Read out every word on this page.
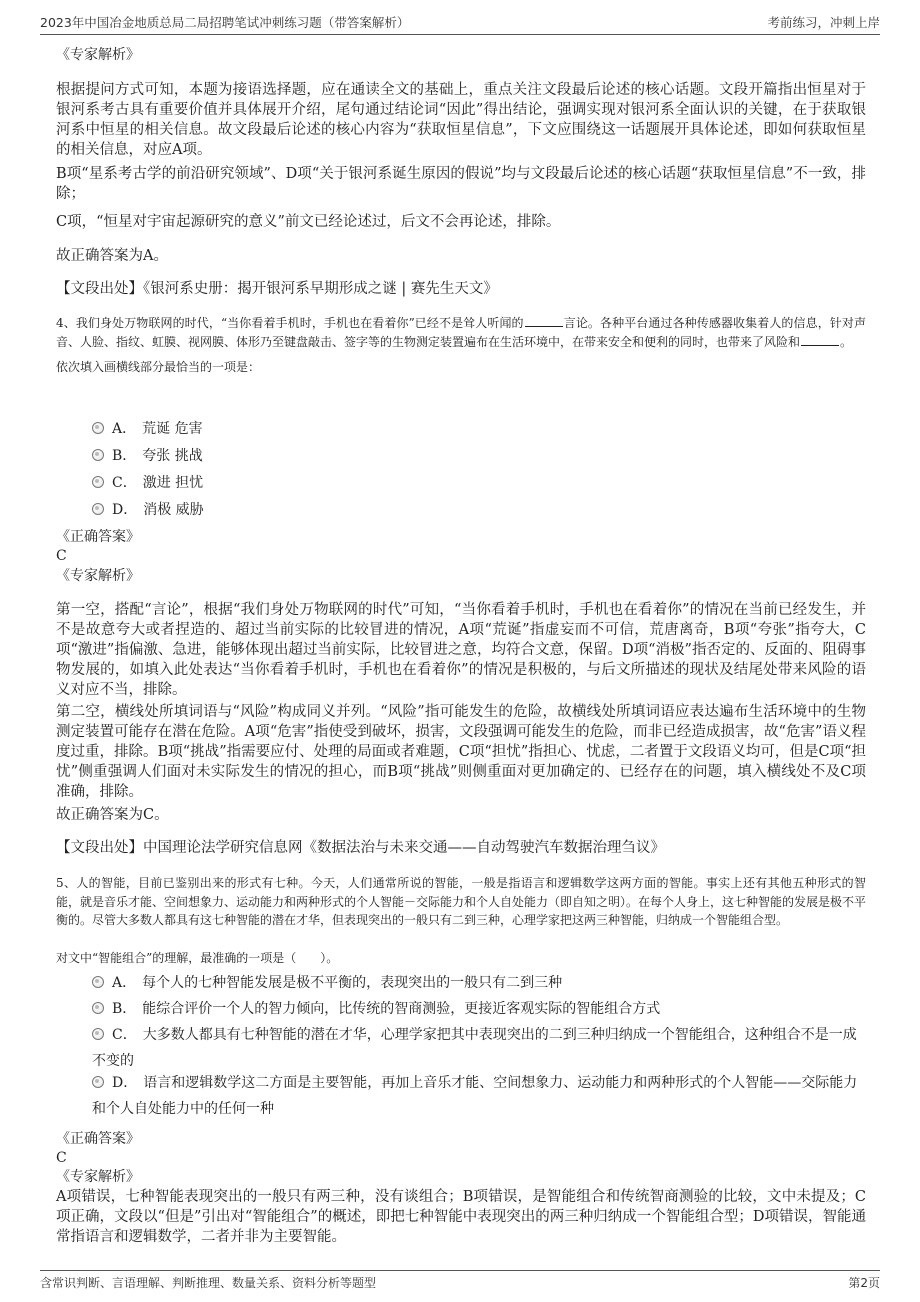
2023年中国冶金地质总局二局招聘笔试冲刺练习题（带答案解析）	考前练习，冲刺上岸

《专家解析》

根据提问方式可知，本题为接语选择题，应在通读全文的基础上，重点关注文段最后论述的核心话题。文段开篇指出恒星对于银河系考古具有重要价值并具体展开介绍，尾句通过结论词“因此”得出结论，强调实现对银河系全面认识的关键，在于获取银河系中恒星的相关信息。故文段最后论述的核心内容为“获取恒星信息”，下文应围绕这一话题展开具体论述，即如何获取恒星的相关信息，对应A项。

B项“星系考古学的前沿研究领域”、D项“关于银河系诞生原因的假说”均与文段最后论述的核心话题“获取恒星信息”不一致，排除；

C项，“恒星对宇宙起源研究的意义”前文已经论述过，后文不会再论述，排除。

故正确答案为A。

【文段出处】《银河系史册：揭开银河系早期形成之谜 | 赛先生天文》

4、我们身处万物联网的时代，“当你看着手机时，手机也在看着你”已经不是耸人听闻的	言论。各种平台通过各种传感器收集着人的信息，针对声音、人脸、指纹、虹膜、视网膜、体形乃至键盘敲击、签字等的生物测定装置遍布在生活环境中，在带来安全和便利的同时，也带来了风险和	。

依次填入画横线部分最恰当的一项是：

A． 荒诞 危害
B． 夸张 挑战
C． 激进 担忧
D． 消极 威胁

《正确答案》

C

《专家解析》

第一空，搭配“言论”，根据“我们身处万物联网的时代”可知，“当你看着手机时，手机也在看着你”的情况在当前已经发生，并不是故意夸大或者捏造的、超过当前实际的比较冒进的情况，A项“荒诞”指虚妄而不可信，荒唐离奇，B项“夸张”指夸大，C项“激进”指偏激、急进，能够体现出超过当前实际，比较冒进之意，均符合文意，保留。D项“消极”指否定的、反面的、阻碍事物发展的，如填入此处表达“当你看着手机时，手机也在看着你”的情况是积极的，与后文所描述的现状及结尾处带来风险的语义对应不当，排除。

第二空，横线处所填词语与“风险”构成同义并列。“风险”指可能发生的危险，故横线处所填词语应表达遍布生活环境中的生物测定装置可能存在潜在危险。A项“危害”指使受到破坏，损害，文段强调可能发生的危险，而非已经造成损害，故“危害”语义程度过重，排除。B项“挑战”指需要应付、处理的局面或者难题，C项“担忧”指担心、忧虑，二者置于文段语义均可，但是C项“担忧”侧重强调人们面对未实际发生的情况的担心，而B项“挑战”则侧重面对更加确定的、已经存在的问题，填入横线处不及C项准确，排除。

故正确答案为C。

【文段出处】中国理论法学研究信息网《数据法治与未来交通——自动驾驶汽车数据治理刍议》

5、人的智能，目前已鉴别出来的形式有七种。今天，人们通常所说的智能，一般是指语言和逻辑数学这两方面的智能。事实上还有其他五种形式的智能，就是音乐才能、空间想象力、运动能力和两种形式的个人智能－交际能力和个人自处能力（即自知之明）。在每个人身上，这七种智能的发展是极不平衡的。尽管大多数人都具有这七种智能的潜在才华，但表现突出的一般只有二到三种，心理学家把这两三种智能，归纳成一个智能组合型。

对文中“智能组合”的理解，最准确的一项是（　　）。

A． 每个人的七种智能发展是极不平衡的，表现突出的一般只有二到三种
B． 能综合评价一个人的智力倾向，比传统的智商测验，更接近客观实际的智能组合方式
C． 大多数人都具有七种智能的潜在才华，心理学家把其中表现突出的二到三种归纳成一个智能组合，这种组合不是一成不变的
D． 语言和逻辑数学这二方面是主要智能，再加上音乐才能、空间想象力、运动能力和两种形式的个人智能——交际能力和个人自处能力中的任何一种

《正确答案》

C

《专家解析》

A项错误，七种智能表现突出的一般只有两三种，没有谈组合；B项错误，是智能组合和传统智商测验的比较，文中未提及；C项正确，文段以“但是”引出对“智能组合”的概述，即把七种智能中表现突出的两三种归纳成一个智能组合型；D项错误，智能通常指语言和逻辑数学，二者并非为主要智能。

含常识判断、言语理解、判断推理、数量关系、资料分析等题型	第2页
